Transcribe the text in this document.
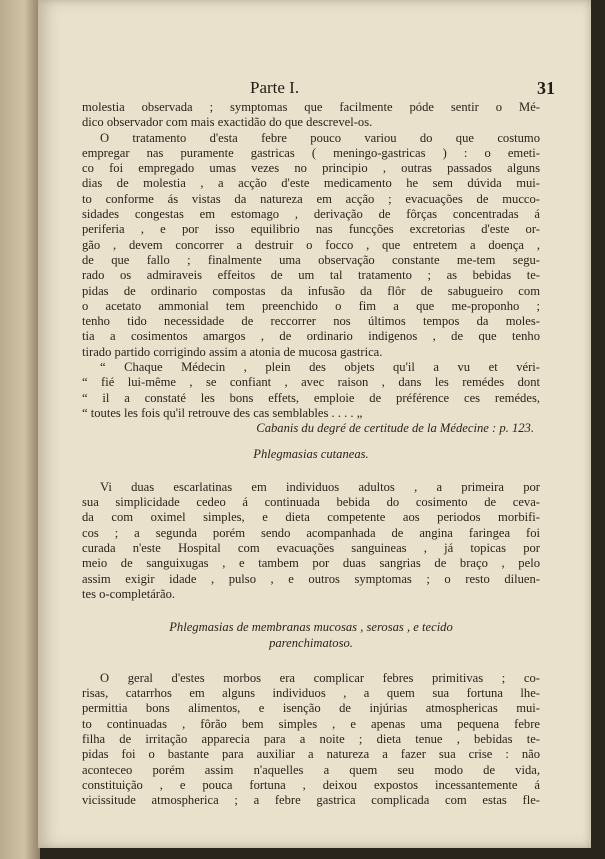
Parte I.	31
molestia observada ; symptomas que facilmente póde sentir o Mé-
dico observador com mais exactidão do que descrevel-os.
O tratamento d'esta febre pouco variou do que costumo
empregar nas puramente gastricas ( meningo-gastricas ) : o emeti-
co foi empregado umas vezes no principio , outras passados alguns
dias de molestia , a acção d'este medicamento he sem dúvida mui-
to conforme ás vistas da natureza em acção ; evacuações de mucco-
sidades congestas em estomago , derivação de fôrças concentradas á
periferia , e por isso equilibrio nas funcções excretorias d'este or-
gão , devem concorrer a destruir o focco , que entretem a doença ,
de que fallo ; finalmente uma observação constante me-tem segu-
rado os admiraveis effeitos de um tal tratamento ; as bebidas te-
pidas de ordinario compostas da infusão da flôr de sabugueiro com
o acetato ammonial tem preenchido o fim a que me-proponho ;
tenho tido necessidade de reccorrer nos últimos tempos da moles-
tia a cosimentos amargos , de ordinario indigenos , de que tenho
tirado partido corrigindo assim a atonia de mucosa gastrica.
“ Chaque Médecin , plein des objets qu'il a vu et véri-
“ fié lui-même , se confiant , avec raison , dans les remédes dont
“ il a constaté les bons effets, emploie de préférence ces remédes,
“ toutes les fois qu'il retrouve des cas semblables . . . . „
Cabanis du degré de certitude de la Médecine : p. 123.
Phlegmasias cutaneas.
Vi duas escarlatinas em individuos adultos , a primeira por
sua simplicidade cedeo á continuada bebida do cosimento de ceva-
da com oximel simples, e dieta competente aos periodos morbifi-
cos ; a segunda porém sendo acompanhada de angina faringea foi
curada n'este Hospital com evacuações sanguineas , já topicas por
meio de sanguixugas , e tambem por duas sangrias de braço , pelo
assim exigir idade , pulso , e outros symptomas ; o resto diluen-
tes o-completárão.
Phlegmasias de membranas mucosas , serosas , e tecido
parenchimatoso.
O geral d'estes morbos era complicar febres primitivas ; co-
risas, catarrhos em alguns individuos , a quem sua fortuna lhe-
permittia bons alimentos, e isenção de injúrias atmosphericas mui-
to continuadas , fôrão bem simples , e apenas uma pequena febre
filha de irritação apparecia para a noite ; dieta tenue , bebidas te-
pidas foi o bastante para auxiliar a natureza a fazer sua crise : não
aconteceo porém assim n'aquelles a quem seu modo de vida,
constituição , e pouca fortuna , deixou expostos incessantemente á
vicissitude atmospherica ; a febre gastrica complicada com estas fle-
